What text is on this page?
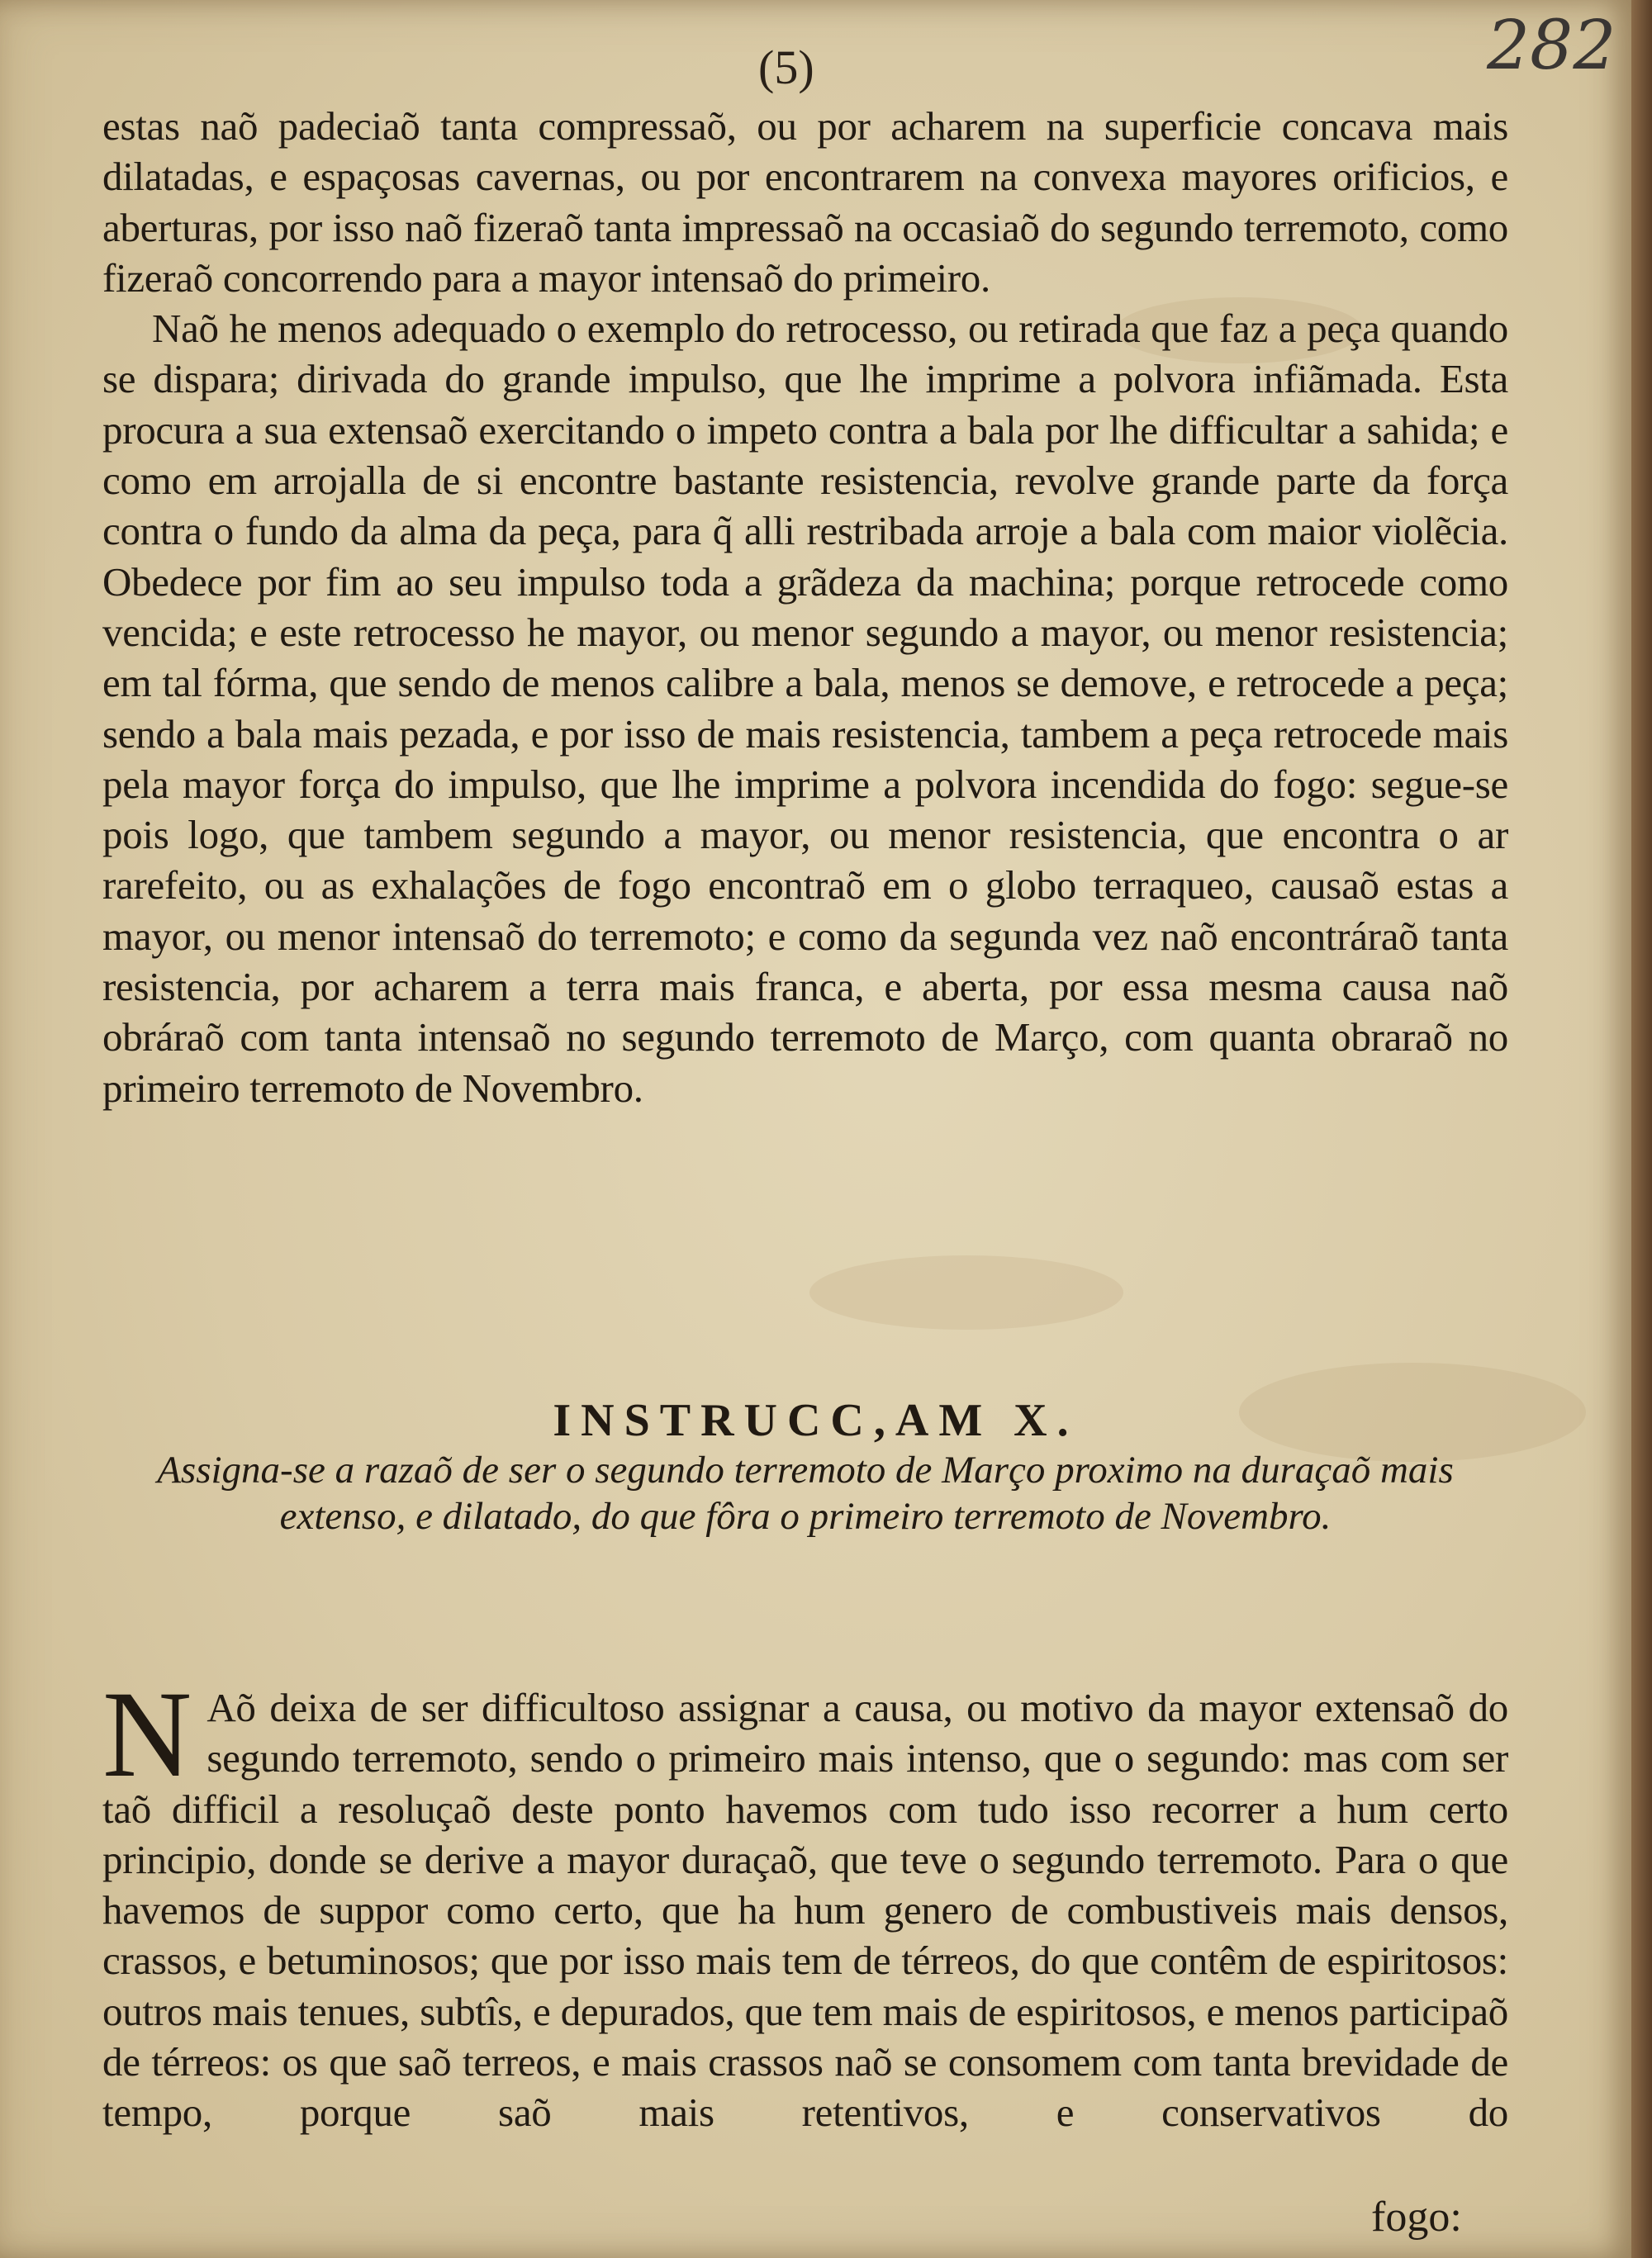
(5)	282

estas naõ padeciaõ tanta compressaõ, ou por acharem na superficie concava mais dilatadas, e espaçosas cavernas, ou por encontrarem na convexa mayores orificios, e aberturas, por isso naõ fizeraõ tanta impressaõ na occasiaõ do segundo terremoto, como fizeraõ concorrendo para a mayor intensaõ do primeiro.

Naõ he menos adequado o exemplo do retrocesso, ou retirada que faz a peça quando se dispara; dirivada do grande impulso, que lhe imprime a polvora infiãmada. Esta procura a sua extensaõ exercitando o impeto contra a bala por lhe difficultar a sahida; e como em arrojalla de si encontre bastante resistencia, revolve grande parte da força contra o fundo da alma da peça, para q̃ alli restribada arroje a bala com maior violẽcia. Obedece por fim ao seu impulso toda a grãdeza da machina; porque retrocede como vencida; e este retrocesso he mayor, ou menor segundo a mayor, ou menor resistencia; em tal fórma, que sendo de menos calibre a bala, menos se demove, e retrocede a peça; sendo a bala mais pezada, e por isso de mais resistencia, tambem a peça retrocede mais pela mayor força do impulso, que lhe imprime a polvora incendida do fogo: segue-se pois logo, que tambem segundo a mayor, ou menor resistencia, que encontra o ar rarefeito, ou as exhalações de fogo encontraõ em o globo terraqueo, causaõ estas a mayor, ou menor intensaõ do terremoto; e como da segunda vez naõ encontráraõ tanta resistencia, por acharem a terra mais franca, e aberta, por essa mesma causa naõ obráraõ com tanta intensaõ no segundo terremoto de Março, com quanta obraraõ no primeiro terremoto de Novembro.

INSTRUCC,AM X.

Assigna-se a razaõ de ser o segundo terremoto de Março proximo na duraçaõ mais extenso, e dilatado, do que fôra o primeiro terremoto de Novembro.

N Aõ deixa de ser difficultoso assignar a causa, ou motivo da mayor extensaõ do segundo terremoto, sendo o primeiro mais intenso, que o segundo: mas com ser taõ difficil a resoluçaõ deste ponto havemos com tudo isso recorrer a hum certo principio, donde se derive a mayor duraçaõ, que teve o segundo terremoto. Para o que havemos de suppor como certo, que ha hum genero de combustiveis mais densos, crassos, e betuminosos; que por isso mais tem de térreos, do que contêm de espiritosos: outros mais tenues, subtîs, e depurados, que tem mais de espiritosos, e menos participaõ de térreos: os que saõ terreos, e mais crassos naõ se consomem com tanta brevidade de tempo, porque saõ mais retentivos, e conservativos do

fogo:
